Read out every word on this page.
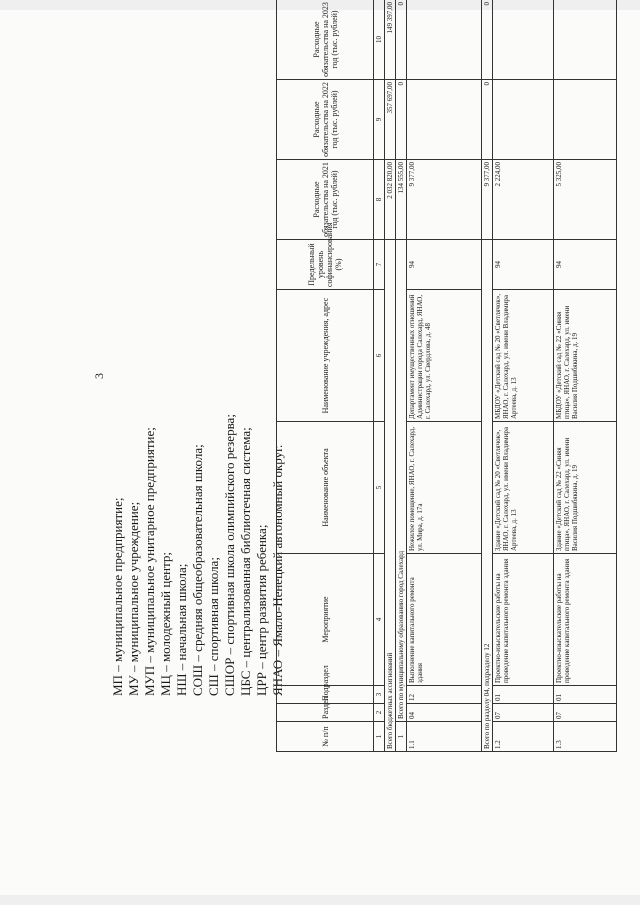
3
МП – муниципальное предприятие; МУ – муниципальное учреждение; МУП – муниципальное унитарное предприятие; МЦ – молодежный центр; НШ – начальная школа; СОШ – средняя общеобразовательная школа; СШ – спортивная школа; СШОР – спортивная школа олимпийского резерва; ЦБС – централизованная библиотечная система; ЦРР – центр развития ребенка; ЯНАО – Ямало-Ненецкий автономный округ.
№ п/п	Раздел	Подраздел	Мероприятие	Наименование объекта	Наименование учреждения, адрес	Предельный уровень софинансирования (%)	Расходные обязательства на 2021 год (тыс. рублей)	Расходные обязательства на 2022 год (тыс. рублей)	Расходные обязательства на 2023 год (тыс. рублей)
1	2	3	4	5	6	7	8	9	10
Всего бюджетных ассигнований							2 032 820,00	357 697,00	149 397,00
1	Всего по муниципальному образованию город Салехард						134 555,00	0	0
1.1	04	12	Выполнение капитального ремонта здания	Нежилое помещение, ЯНАО, г. Салехард, ул. Мира, д. 17а	Департамент имущественных отношений Администрации города Салехард, ЯНАО, г. Салехард, ул. Свердлова, д. 48	94	9 377,00		
Всего по разделу 04, подразделу 12							9 377,00	0	0
1.2	07	01	Проектно-изыскательские работы на проведение капитального ремонта здания	Здание «Детский сад № 20 «Светлячок», ЯНАО, г. Салехард, ул. имени Владимира Артеева, д. 13	МБДОУ «Детский сад № 20 «Светлячок», ЯНАО, г. Салехард, ул. имени Владимира Артеева, д. 13	94	2 224,00		
1.3	07	01	Проектно-изыскательские работы на проведение капитального ремонта здания	Здание «Детский сад № 22 «Синяя птица», ЯНАО, г. Салехард, ул. имени Василия Подшибякина, д. 19	МБДОУ «Детский сад № 22 «Синяя птица», ЯНАО, г. Салехард, ул. имени Василия Подшибякина, д. 19	94	5 325,00		
